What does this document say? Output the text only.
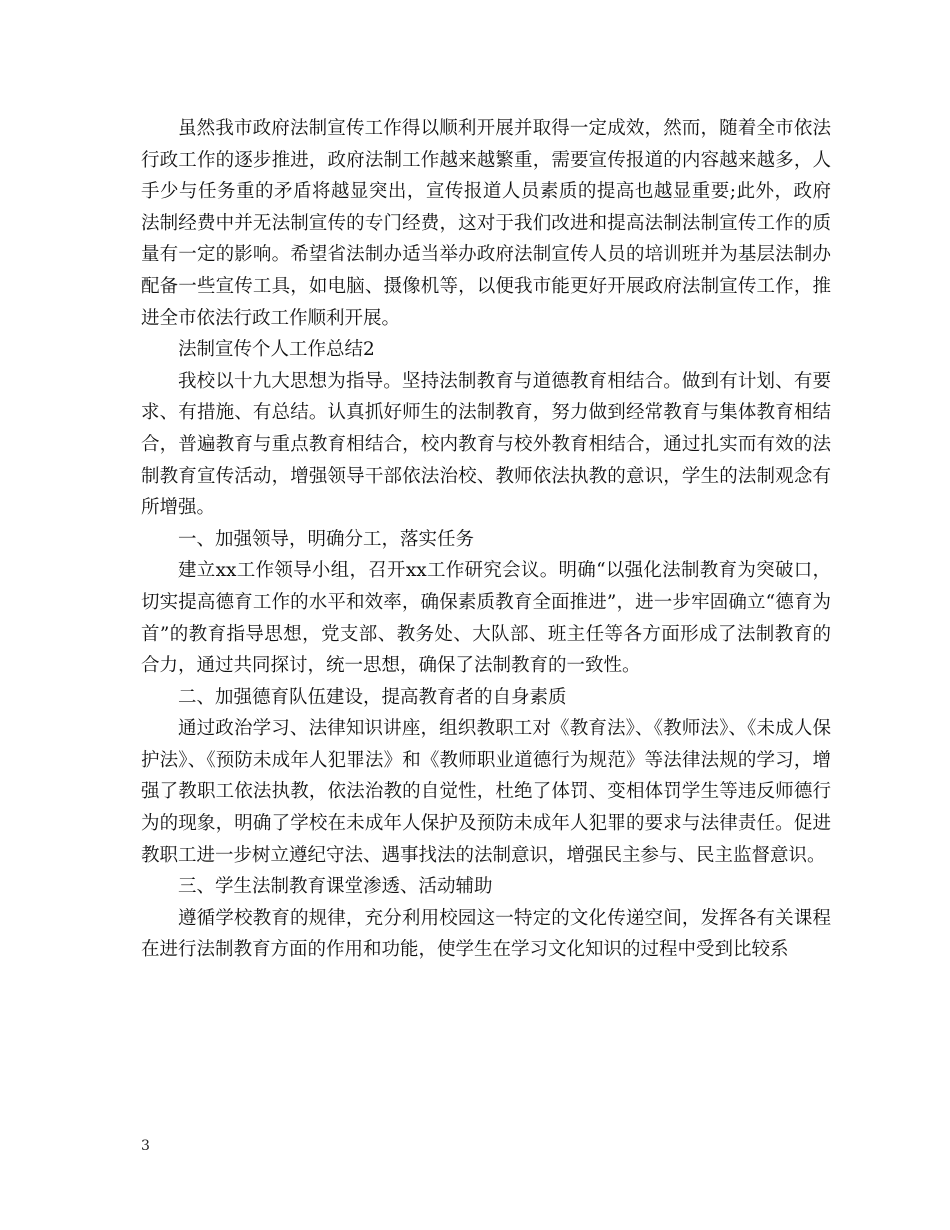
虽然我市政府法制宣传工作得以顺利开展并取得一定成效，然而，随着全市依法行政工作的逐步推进，政府法制工作越来越繁重，需要宣传报道的内容越来越多，人手少与任务重的矛盾将越显突出，宣传报道人员素质的提高也越显重要;此外，政府法制经费中并无法制宣传的专门经费，这对于我们改进和提高法制法制宣传工作的质量有一定的影响。希望省法制办适当举办政府法制宣传人员的培训班并为基层法制办配备一些宣传工具，如电脑、摄像机等，以便我市能更好开展政府法制宣传工作，推进全市依法行政工作顺利开展。

法制宣传个人工作总结2

我校以十九大思想为指导。坚持法制教育与道德教育相结合。做到有计划、有要求、有措施、有总结。认真抓好师生的法制教育，努力做到经常教育与集体教育相结合，普遍教育与重点教育相结合，校内教育与校外教育相结合，通过扎实而有效的法制教育宣传活动，增强领导干部依法治校、教师依法执教的意识，学生的法制观念有所增强。

一、加强领导，明确分工，落实任务

建立xx工作领导小组，召开xx工作研究会议。明确“以强化法制教育为突破口，切实提高德育工作的水平和效率，确保素质教育全面推进”，进一步牢固确立“德育为首”的教育指导思想，党支部、教务处、大队部、班主任等各方面形成了法制教育的合力，通过共同探讨，统一思想，确保了法制教育的一致性。

二、加强德育队伍建设，提高教育者的自身素质

通过政治学习、法律知识讲座，组织教职工对《教育法》、《教师法》、《未成人保护法》、《预防未成年人犯罪法》和《教师职业道德行为规范》等法律法规的学习，增强了教职工依法执教，依法治教的自觉性，杜绝了体罚、变相体罚学生等违反师德行为的现象，明确了学校在未成年人保护及预防未成年人犯罪的要求与法律责任。促进教职工进一步树立遵纪守法、遇事找法的法制意识，增强民主参与、民主监督意识。

三、学生法制教育课堂渗透、活动辅助

遵循学校教育的规律，充分利用校园这一特定的文化传递空间，发挥各有关课程在进行法制教育方面的作用和功能，使学生在学习文化知识的过程中受到比较系

3
